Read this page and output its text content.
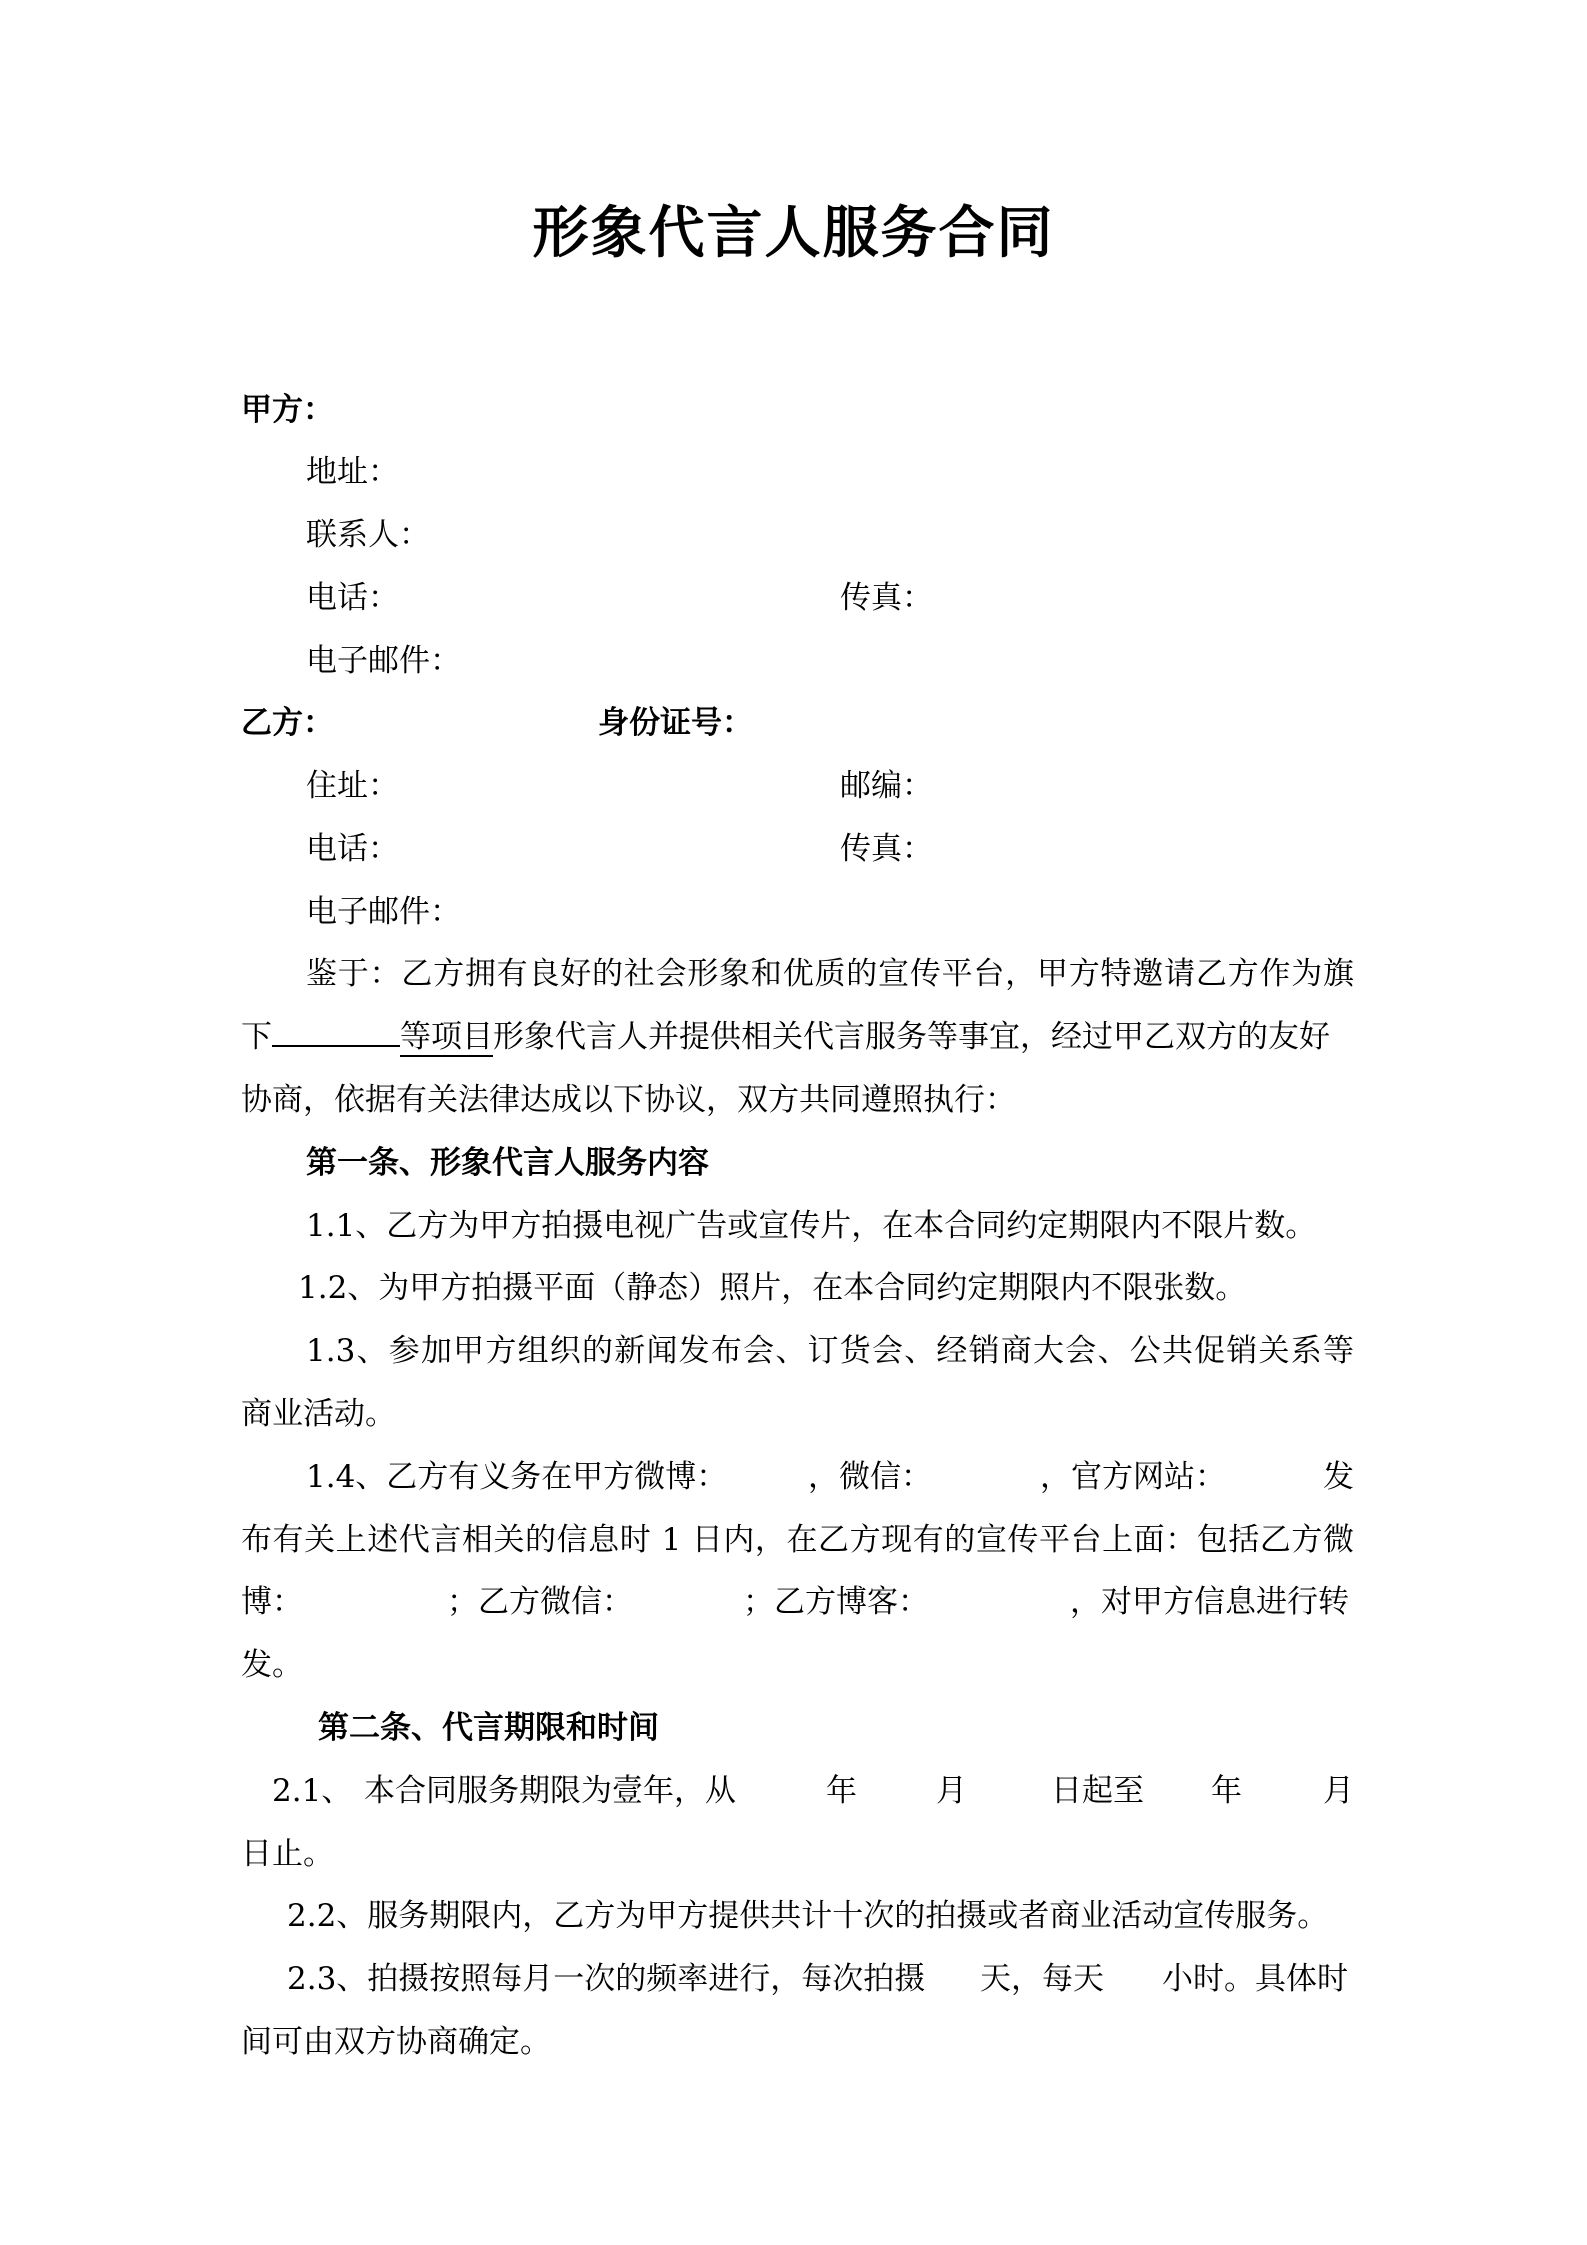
形象代言人服务合同
甲方：
地址：
联系人：
电话：	传真：
电子邮件：
乙方：	身份证号：
住址：	邮编：
电话：	传真：
电子邮件：
鉴于：乙方拥有良好的社会形象和优质的宣传平台，甲方特邀请乙方作为旗
下	等项目形象代言人并提供相关代言服务等事宜，经过甲乙双方的友好
协商，依据有关法律达成以下协议，双方共同遵照执行：
第一条、形象代言人服务内容
1.1、乙方为甲方拍摄电视广告或宣传片，在本合同约定期限内不限片数。
1.2、为甲方拍摄平面（静态）照片，在本合同约定期限内不限张数。
1.3、参加甲方组织的新闻发布会、订货会、经销商大会、公共促销关系等
商业活动。
1.4、乙方有义务在甲方微博：	，微信：	，官方网站：	发
布有关上述代言相关的信息时 1 日内，在乙方现有的宣传平台上面：包括乙方微
博：	；乙方微信：	；乙方博客：	，对甲方信息进行转
发。
第二条、代言期限和时间
2.1、 本合同服务期限为壹年，从	年	月	日起至 年	月
日止。
2.2、服务期限内，乙方为甲方提供共计十次的拍摄或者商业活动宣传服务。
2.3、拍摄按照每月一次的频率进行，每次拍摄 天，每天 小时。具体时
间可由双方协商确定。
